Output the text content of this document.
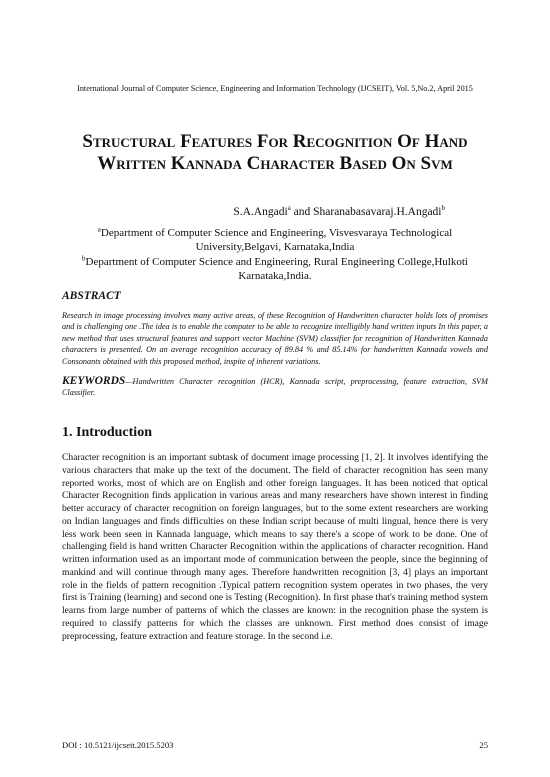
International Journal of Computer Science, Engineering and Information Technology (IJCSEIT), Vol. 5,No.2, April 2015
Structural Features For Recognition Of Hand Written Kannada Character Based On Svm
S.A.Angadi$^a$ and Sharanabasavaraj.H.Angadi$^b$
$^a$Department of Computer Science and Engineering, Visvesvaraya Technological University,Belgavi, Karnataka,India
$^b$Department of Computer Science and Engineering, Rural Engineering College,Hulkoti Karnataka,India.
ABSTRACT
Research in image processing involves many active areas, of these Recognition of Handwritten character holds lots of promises and is challenging one .The idea is to enable the computer to be able to recognize intelligibly hand written inputs In this paper, a new method that uses structural features and support vector Machine (SVM) classifier for recognition of Handwritten Kannada characters is presented. On an average recognition accuracy of 89.84 % and 85.14% for handwritten Kannada vowels and Consonants obtained with this proposed method, inspite of inherent variations.
KEYWORDS—Handwritten Character recognition (HCR), Kannada script, preprocessing, feature extraction, SVM Classifier.
1. Introduction
Character recognition is an important subtask of document image processing [1, 2]. It involves identifying the various characters that make up the text of the document. The field of character recognition has seen many reported works, most of which are on English and other foreign languages. It has been noticed that optical Character Recognition finds application in various areas and many researchers have shown interest in finding better accuracy of character recognition on foreign languages, but to the some extent researchers are working on Indian languages and finds difficulties on these Indian script because of multi lingual, hence there is very less work been seen in Kannada language, which means to say there's a scope of work to be done. One of challenging field is hand written Character Recognition within the applications of character recognition. Hand written information used as an important mode of communication between the people, since the beginning of mankind and will continue through many ages. Therefore handwritten recognition [3, 4] plays an important role in the fields of pattern recognition .Typical pattern recognition system operates in two phases, the very first is Training (learning) and second one is Testing (Recognition). In first phase that's training method system learns from large number of patterns of which the classes are known: in the recognition phase the system is required to classify patterns for which the classes are unknown. First method does consist of image preprocessing, feature extraction and feature storage. In the second i.e.
DOI : 10.5121/ijcseit.2015.5203	25
